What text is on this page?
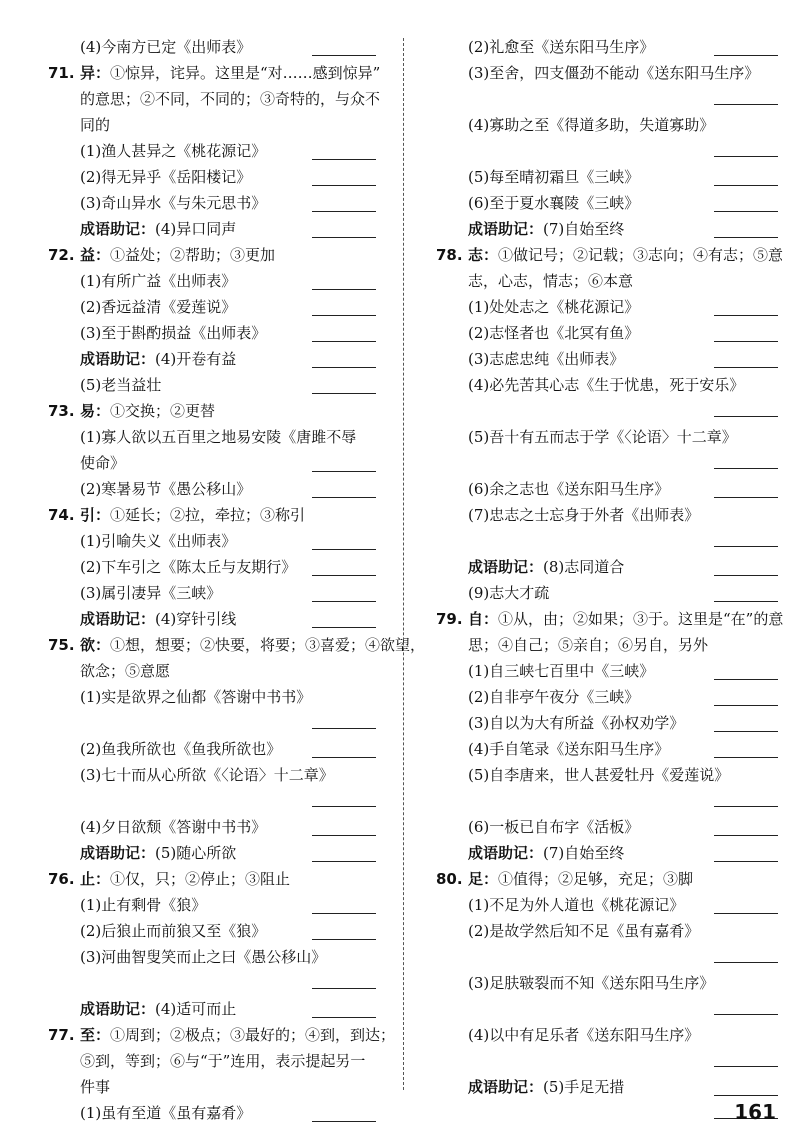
(4)今南方已定《出师表》
71. 异：①惊异，诧异。这里是“对……感到惊异”
的意思；②不同，不同的；③奇特的，与众不
同的
(1)渔人甚异之《桃花源记》
(2)得无异乎《岳阳楼记》
(3)奇山异水《与朱元思书》
成语助记：(4)异口同声
72. 益：①益处；②帮助；③更加
(1)有所广益《出师表》
(2)香远益清《爱莲说》
(3)至于斟酌损益《出师表》
成语助记：(4)开卷有益
(5)老当益壮
73. 易：①交换；②更替
(1)寡人欲以五百里之地易安陵《唐雎不辱
使命》
(2)寒暑易节《愚公移山》
74. 引：①延长；②拉，牵拉；③称引
(1)引喻失义《出师表》
(2)下车引之《陈太丘与友期行》
(3)属引凄异《三峡》
成语助记：(4)穿针引线
75. 欲：①想，想要；②快要，将要；③喜爱；④欲望，
欲念；⑤意愿
(1)实是欲界之仙都《答谢中书书》
(2)鱼我所欲也《鱼我所欲也》
(3)七十而从心所欲《〈论语〉十二章》
(4)夕日欲颓《答谢中书书》
成语助记：(5)随心所欲
76. 止：①仅，只；②停止；③阻止
(1)止有剩骨《狼》
(2)后狼止而前狼又至《狼》
(3)河曲智叟笑而止之曰《愚公移山》
成语助记：(4)适可而止
77. 至：①周到；②极点；③最好的；④到，到达；
⑤到，等到；⑥与“于”连用，表示提起另一
件事
(1)虽有至道《虽有嘉肴》
(2)礼愈至《送东阳马生序》
(3)至舍，四支僵劲不能动《送东阳马生序》
(4)寡助之至《得道多助，失道寡助》
(5)每至晴初霜旦《三峡》
(6)至于夏水襄陵《三峡》
成语助记：(7)自始至终
78. 志：①做记号；②记载；③志向；④有志；⑤意
志，心志，情志；⑥本意
(1)处处志之《桃花源记》
(2)志怪者也《北冥有鱼》
(3)志虑忠纯《出师表》
(4)必先苦其心志《生于忧患，死于安乐》
(5)吾十有五而志于学《〈论语〉十二章》
(6)余之志也《送东阳马生序》
(7)忠志之士忘身于外者《出师表》
成语助记：(8)志同道合
(9)志大才疏
79. 自：①从，由；②如果；③于。这里是“在”的意
思；④自己；⑤亲自；⑥另自，另外
(1)自三峡七百里中《三峡》
(2)自非亭午夜分《三峡》
(3)自以为大有所益《孙权劝学》
(4)手自笔录《送东阳马生序》
(5)自李唐来，世人甚爱牡丹《爱莲说》
(6)一板已自布字《活板》
成语助记：(7)自始至终
80. 足：①值得；②足够，充足；③脚
(1)不足为外人道也《桃花源记》
(2)是故学然后知不足《虽有嘉肴》
(3)足肤皲裂而不知《送东阳马生序》
(4)以中有足乐者《送东阳马生序》
成语助记：(5)手足无措
161
